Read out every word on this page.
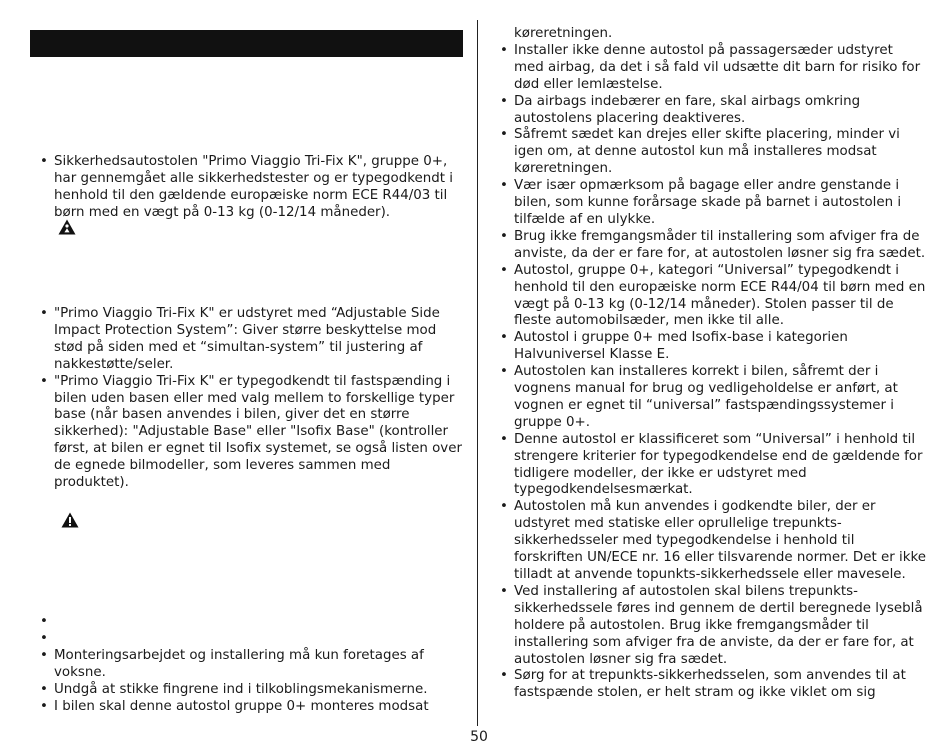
• Sikkerhedsautostolen "Primo Viaggio Tri-Fix K", gruppe 0+, har gennemgået alle sikkerhedstester og er typegodkendt i henhold til den gældende europæiske norm ECE R44/03 til børn med en vægt på 0-13 kg (0-12/14 måneder).
• "Primo Viaggio Tri-Fix K" er udstyret med “Adjustable Side Impact Protection System”: Giver større beskyttelse mod stød på siden med et “simultan-system” til justering af nakkestøtte/seler.
• "Primo Viaggio Tri-Fix K" er typegodkendt til fastspænding i bilen uden basen eller med valg mellem to forskellige typer base (når basen anvendes i bilen, giver det en større sikkerhed): "Adjustable Base" eller "Isofix Base" (kontroller først, at bilen er egnet til Isofix systemet, se også listen over de egnede bilmodeller, som leveres sammen med produktet).
•
•
• Monteringsarbejdet og installering må kun foretages af voksne.
• Undgå at stikke fingrene ind i tilkoblingsmekanismerne.
• I bilen skal denne autostol gruppe 0+ monteres modsat
køreretningen.
• Installer ikke denne autostol på passagersæder udstyret med airbag, da det i så fald vil udsætte dit barn for risiko for død eller lemlæstelse.
• Da airbags indebærer en fare, skal airbags omkring autostolens placering deaktiveres.
• Såfremt sædet kan drejes eller skifte placering, minder vi igen om, at denne autostol kun må installeres modsat køreretningen.
• Vær især opmærksom på bagage eller andre genstande i bilen, som kunne forårsage skade på barnet i autostolen i tilfælde af en ulykke.
• Brug ikke fremgangsmåder til installering som afviger fra de anviste, da der er fare for, at autostolen løsner sig fra sædet.
• Autostol, gruppe 0+, kategori “Universal” typegodkendt i henhold til den europæiske norm ECE R44/04 til børn med en vægt på 0-13 kg (0-12/14 måneder). Stolen passer til de fleste automobilsæder, men ikke til alle.
• Autostol i gruppe 0+ med Isofix-base i kategorien Halvuniversel Klasse E.
• Autostolen kan installeres korrekt i bilen, såfremt der i vognens manual for brug og vedligeholdelse er anført, at vognen er egnet til “universal” fastspændingssystemer i gruppe 0+.
• Denne autostol er klassificeret som “Universal” i henhold til strengere kriterier for typegodkendelse end de gældende for tidligere modeller, der ikke er udstyret med typegodkendelsesmærkat.
• Autostolen må kun anvendes i godkendte biler, der er udstyret med statiske eller oprullelige trepunkts-sikkerhedsseler med typegodkendelse i henhold til forskriften UN/ECE nr. 16 eller tilsvarende normer. Det er ikke tilladt at anvende topunkts-sikkerhedssele eller mavesele.
• Ved installering af autostolen skal bilens trepunkts-sikkerhedssele føres ind gennem de dertil beregnede lyseblå holdere på autostolen. Brug ikke fremgangsmåder til installering som afviger fra de anviste, da der er fare for, at autostolen løsner sig fra sædet.
• Sørg for at trepunkts-sikkerhedsselen, som anvendes til at fastspænde stolen, er helt stram og ikke viklet om sig
50
